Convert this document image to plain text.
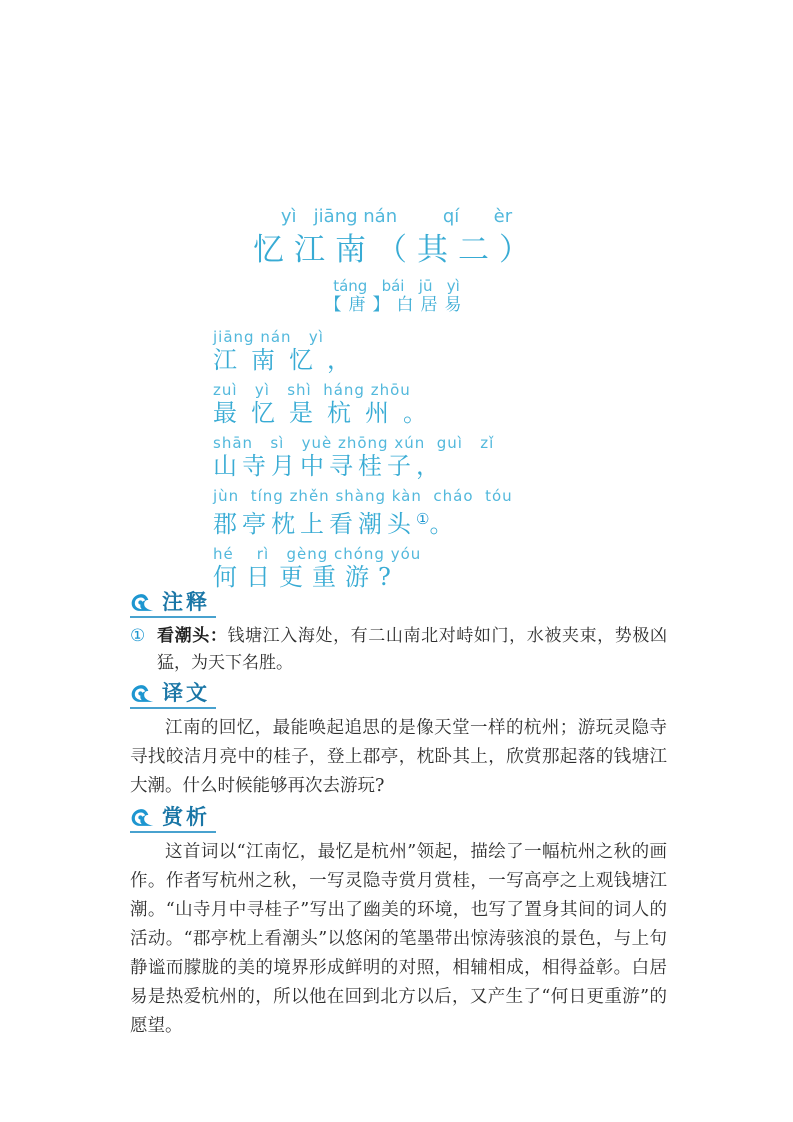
yì   jiāng nán        qí      èr
忆江南（其二）
táng   bái   jū   yì
【唐】白居易
jiāng nán   yì
江南忆，
zuì   yì   shì  háng zhōu
最忆是杭州。
shān   sì   yuè zhōng xún  guì   zǐ
山寺月中寻桂子，
jùn  tíng zhěn shàng kàn  cháo  tóu
郡亭枕上看潮头①。
hé    rì   gèng chóng yóu
何日更重游?
注释

① 看潮头：钱塘江入海处，有二山南北对峙如门，水被夹束，势极凶猛，为天下名胜。

译文

江南的回忆，最能唤起追思的是像天堂一样的杭州；游玩灵隐寺寻找皎洁月亮中的桂子，登上郡亭，枕卧其上，欣赏那起落的钱塘江大潮。什么时候能够再次去游玩?

赏析

这首词以“江南忆，最忆是杭州”领起，描绘了一幅杭州之秋的画作。作者写杭州之秋，一写灵隐寺赏月赏桂，一写高亭之上观钱塘江潮。“山寺月中寻桂子”写出了幽美的环境，也写了置身其间的词人的活动。“郡亭枕上看潮头”以悠闲的笔墨带出惊涛骇浪的景色，与上句静谧而朦胧的美的境界形成鲜明的对照，相辅相成，相得益彰。白居易是热爱杭州的，所以他在回到北方以后，又产生了“何日更重游”的愿望。
